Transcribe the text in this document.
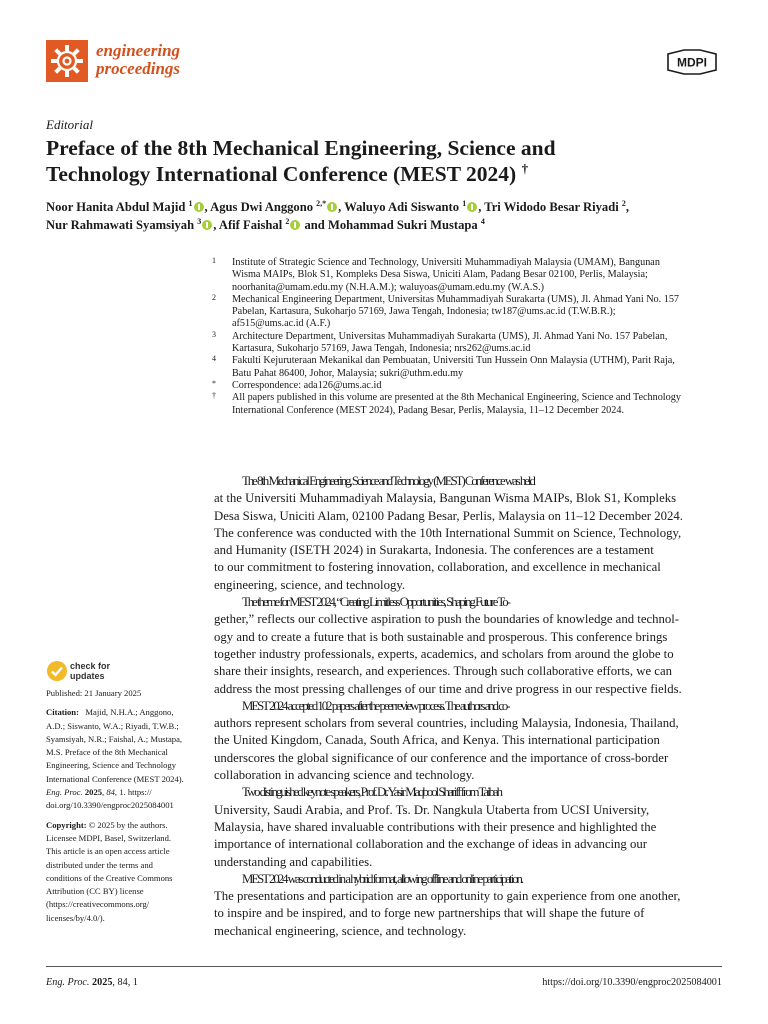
engineering
proceedings	MDPI
Editorial
Preface of the 8th Mechanical Engineering, Science and
Technology International Conference (MEST 2024) †
Noor Hanita Abdul Majid $^1$ , Agus Dwi Anggono $^{2,*}$ , Waluyo Adi Siswanto $^1$ , Tri Widodo Besar Riyadi $^2$,
Nur Rahmawati Syamsiyah $^3$ , Afif Faishal $^2$ and Mohammad Sukri Mustapa $^4$
1 Institute of Strategic Science and Technology, Universiti Muhammadiyah Malaysia (UMAM), Bangunan
Wisma MAIPs, Blok S1, Kompleks Desa Siswa, Uniciti Alam, Padang Besar 02100, Perlis, Malaysia;
noorhanita@umam.edu.my (N.H.A.M.); waluyoas@umam.edu.my (W.A.S.)
2 Mechanical Engineering Department, Universitas Muhammadiyah Surakarta (UMS), Jl. Ahmad Yani No. 157
Pabelan, Kartasura, Sukoharjo 57169, Jawa Tengah, Indonesia; tw187@ums.ac.id (T.W.B.R.);
af515@ums.ac.id (A.F.)
3 Architecture Department, Universitas Muhammadiyah Surakarta (UMS), Jl. Ahmad Yani No. 157 Pabelan,
Kartasura, Sukoharjo 57169, Jawa Tengah, Indonesia; nrs262@ums.ac.id
4 Fakulti Kejuruteraan Mekanikal dan Pembuatan, Universiti Tun Hussein Onn Malaysia (UTHM), Parit Raja,
Batu Pahat 86400, Johor, Malaysia; sukri@uthm.edu.my
* Correspondence: ada126@ums.ac.id
† All papers published in this volume are presented at the 8th Mechanical Engineering, Science and Technology
International Conference (MEST 2024), Padang Besar, Perlis, Malaysia, 11–12 December 2024.
check for
updates
Published: 21 January 2025
Citation: Majid, N.H.A.; Anggono,
A.D.; Siswanto, W.A.; Riyadi, T.W.B.;
Syamsiyah, N.R.; Faishal, A.; Mustapa,
M.S. Preface of the 8th Mechanical
Engineering, Science and Technology
International Conference (MEST 2024).
Eng. Proc. 2025, 84, 1. https://
doi.org/10.3390/engproc2025084001
Copyright: © 2025 by the authors.
Licensee MDPI, Basel, Switzerland.
This article is an open access article
distributed under the terms and
conditions of the Creative Commons
Attribution (CC BY) license
(https://creativecommons.org/
licenses/by/4.0/).
The 8th Mechanical Engineering, Science and Technology (MEST) Conference was held
at the Universiti Muhammadiyah Malaysia, Bangunan Wisma MAIPs, Blok S1, Kompleks
Desa Siswa, Uniciti Alam, 02100 Padang Besar, Perlis, Malaysia on 11–12 December 2024.
The conference was conducted with the 10th International Summit on Science, Technology,
and Humanity (ISETH 2024) in Surakarta, Indonesia. The conferences are a testament
to our commitment to fostering innovation, collaboration, and excellence in mechanical
engineering, science, and technology.
The theme for MEST 2024, “Creating Limitless Opportunities, Shaping Future To-
gether,” reflects our collective aspiration to push the boundaries of knowledge and technol-
ogy and to create a future that is both sustainable and prosperous. This conference brings
together industry professionals, experts, academics, and scholars from around the globe to
share their insights, research, and experiences. Through such collaborative efforts, we can
address the most pressing challenges of our time and drive progress in our respective fields.
MEST 2024 accepted 102 papers after the peer review process. The authors and co-
authors represent scholars from several countries, including Malaysia, Indonesia, Thailand,
the United Kingdom, Canada, South Africa, and Kenya. This international participation
underscores the global significance of our conference and the importance of cross-border
collaboration in advancing science and technology.
Two distinguished keynote speakers, Prof. Dr. Yasir Maqbool Shariff from Taibah
University, Saudi Arabia, and Prof. Ts. Dr. Nangkula Utaberta from UCSI University,
Malaysia, have shared invaluable contributions with their presence and highlighted the
importance of international collaboration and the exchange of ideas in advancing our
understanding and capabilities.
MEST 2024 was conducted in a hybrid format, allowing offline and online participation.
The presentations and participation are an opportunity to gain experience from one another,
to inspire and be inspired, and to forge new partnerships that will shape the future of
mechanical engineering, science, and technology.
Eng. Proc. 2025, 84, 1	https://doi.org/10.3390/engproc2025084001
